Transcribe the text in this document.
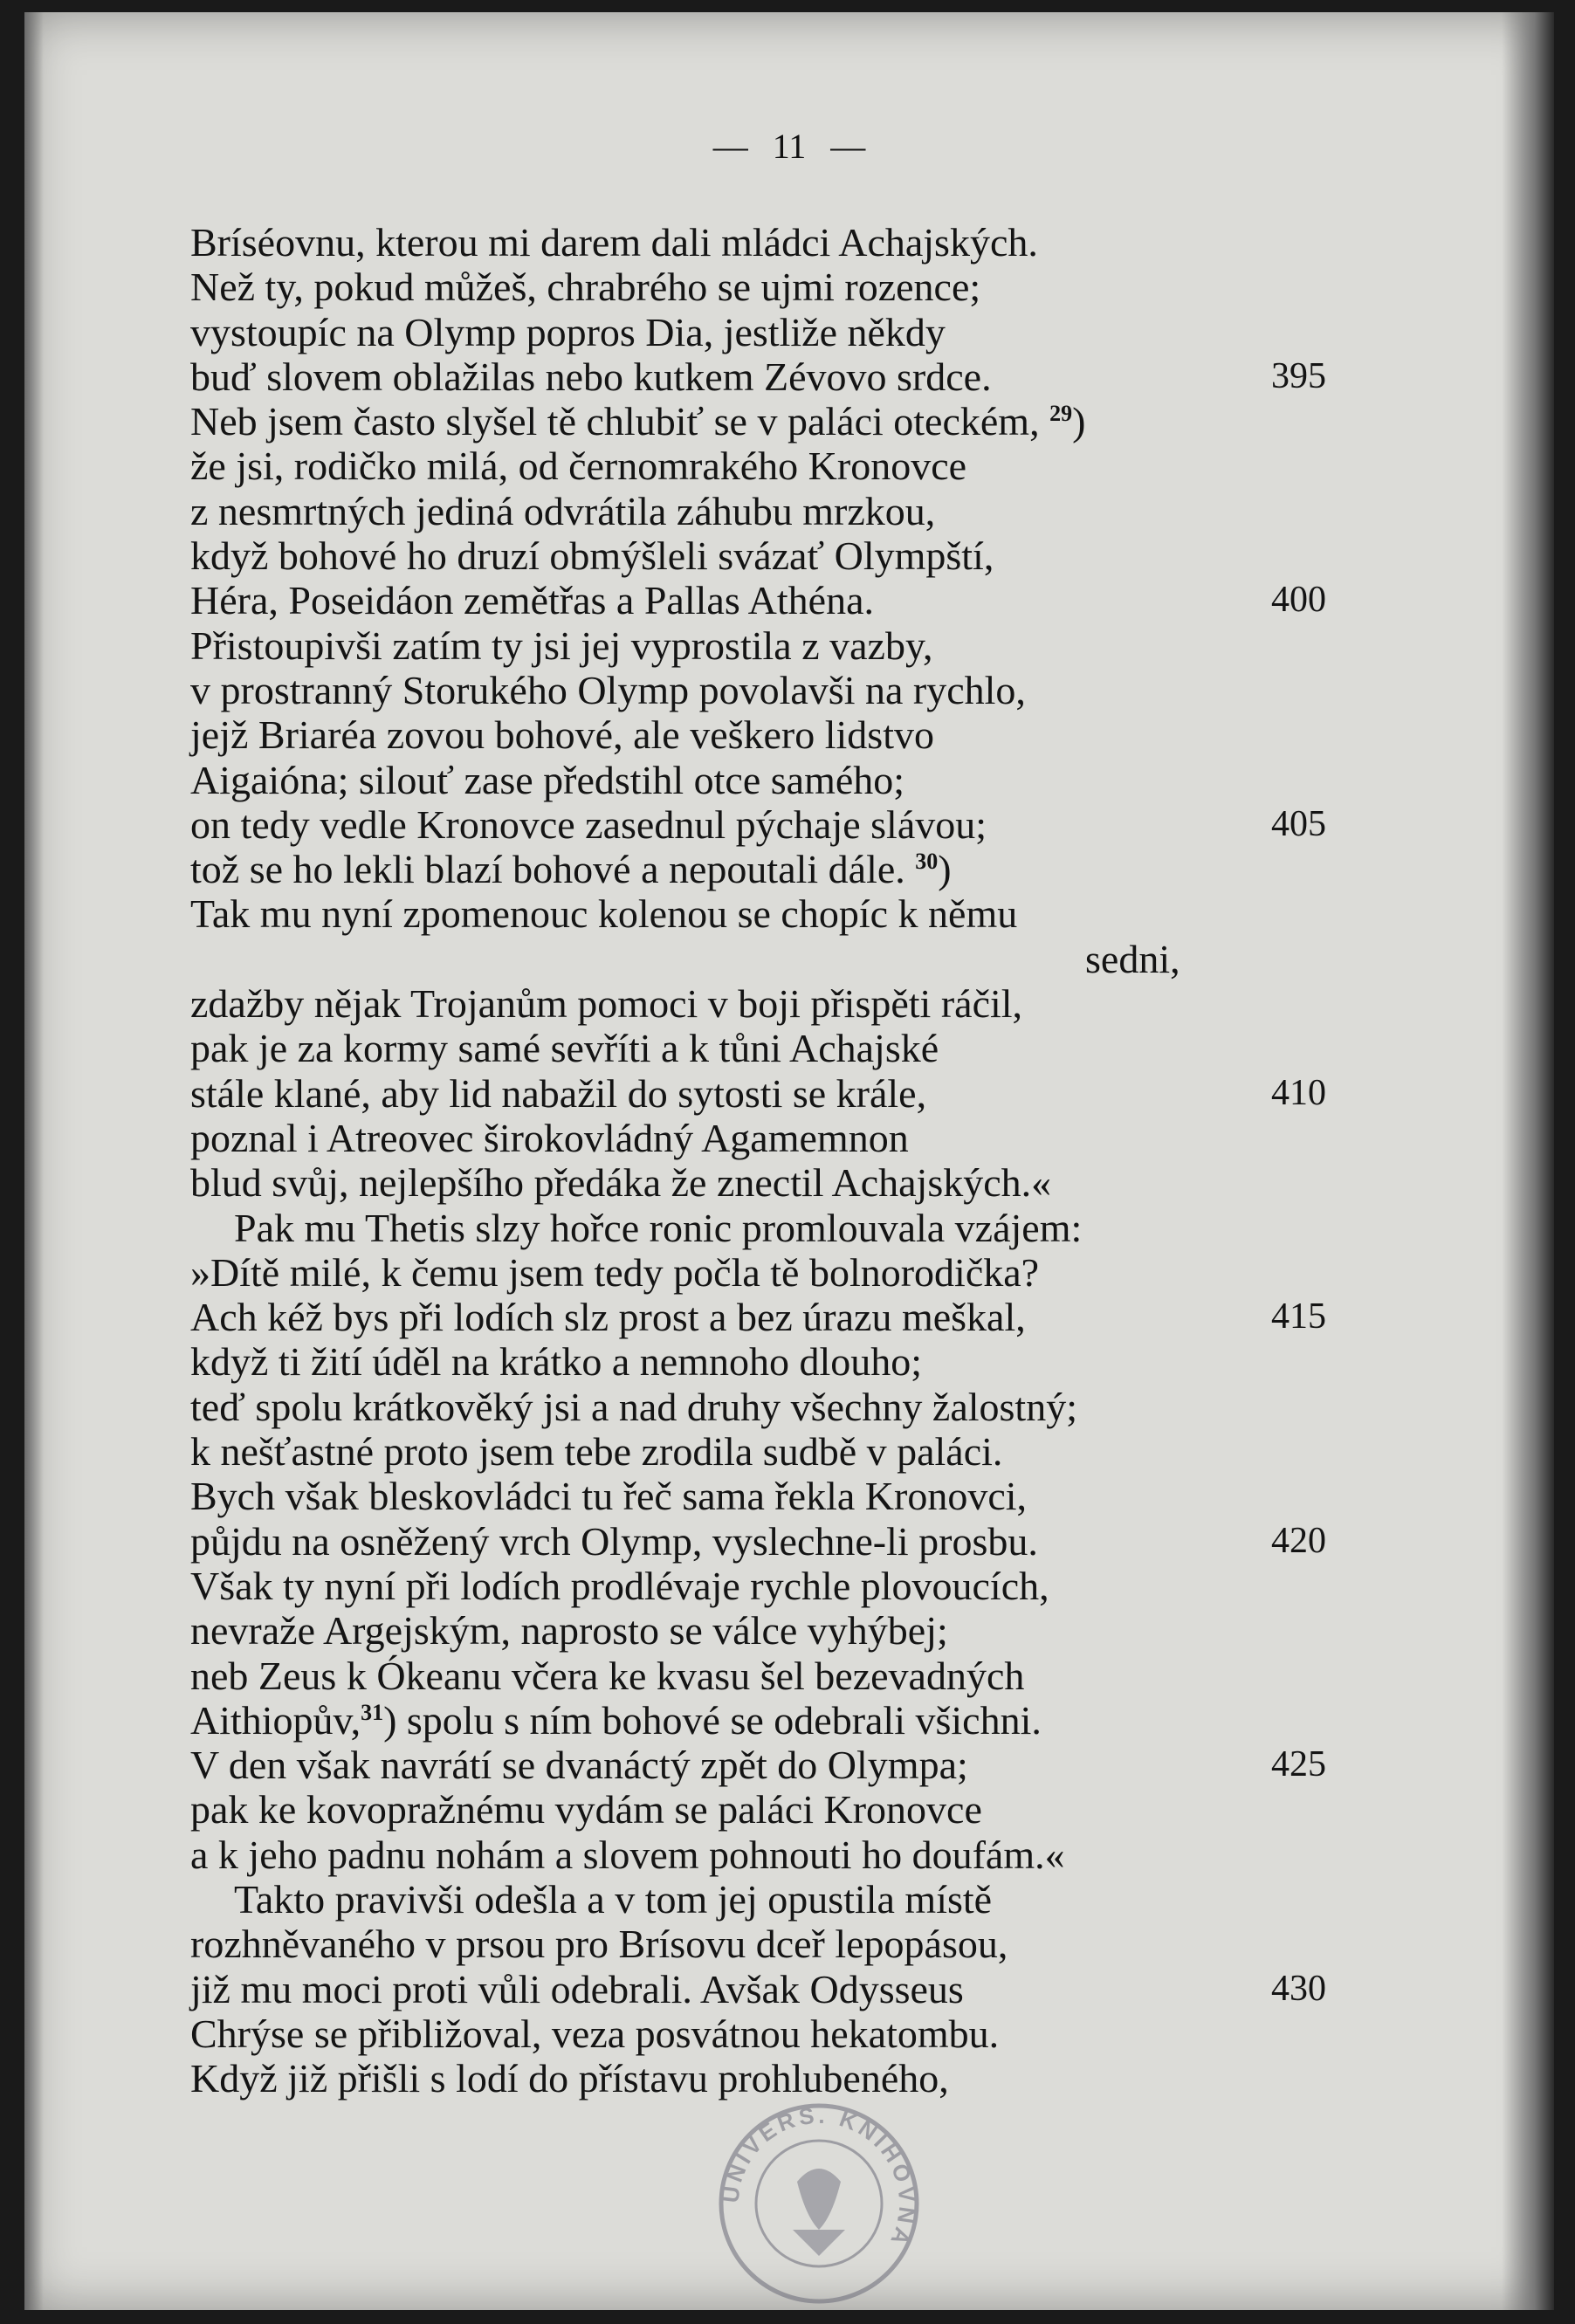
— 11 —
Bríséovnu, kterou mi darem dali mládci Achajských.
Než ty, pokud můžeš, chrabrého se ujmi rozence;
vystoupíc na Olymp popros Dia, jestliže někdy
buď slovem oblažilas nebo kutkem Zévovo srdce.	395
Neb jsem často slyšel tě chlubiť se v paláci oteckém, $^{29}$)
že jsi, rodičko milá, od černomrakého Kronovce
z nesmrtných jediná odvrátila záhubu mrzkou,
když bohové ho druzí obmýšleli svázať Olympští,
Héra, Poseidáon zemětřas a Pallas Athéna.	400
Přistoupivši zatím ty jsi jej vyprostila z vazby,
v prostranný Storukého Olymp povolavši na rychlo,
jejž Briaréa zovou bohové, ale veškero lidstvo
Aigaióna; silouť zase předstihl otce samého;
on tedy vedle Kronovce zasednul pýchaje slávou;	405
tož se ho lekli blazí bohové a nepoutali dále. $^{30}$)
Tak mu nyní zpomenouc kolenou se chopíc k němu
sedni,
zdažby nějak Trojanům pomoci v boji přispěti ráčil,
pak je za kormy samé sevříti a k tůni Achajské
stále klané, aby lid nabažil do sytosti se krále,	410
poznal i Atreovec širokovládný Agamemnon
blud svůj, nejlepšího předáka že znectil Achajských.«
Pak mu Thetis slzy hořce ronic promlouvala vzájem:
»Dítě milé, k čemu jsem tedy počla tě bolnorodička?
Ach kéž bys při lodích slz prost a bez úrazu meškal,	415
když ti žití úděl na krátko a nemnoho dlouho;
teď spolu krátkověký jsi a nad druhy všechny žalostný;
k nešťastné proto jsem tebe zrodila sudbě v paláci.
Bych však bleskovládci tu řeč sama řekla Kronovci,
půjdu na osněžený vrch Olymp, vyslechne-li prosbu.	420
Však ty nyní při lodích prodlévaje rychle plovoucích,
nevraže Argejským, naprosto se válce vyhýbej;
neb Zeus k Ókeanu včera ke kvasu šel bezevadných
Aithiopův,$^{31}$) spolu s ním bohové se odebrali všichni.
V den však navrátí se dvanáctý zpět do Olympa;	425
pak ke kovopražnému vydám se paláci Kronovce
a k jeho padnu nohám a slovem pohnouti ho doufám.«
Takto pravivši odešla a v tom jej opustila místě
rozhněvaného v prsou pro Brísovu dceř lepopásou,
již mu moci proti vůli odebrali. Avšak Odysseus	430
Chrýse se přibližoval, veza posvátnou hekatombu.
Když již přišli s lodí do přístavu prohlubeného,
UNIVERS. KNIHOVNA
